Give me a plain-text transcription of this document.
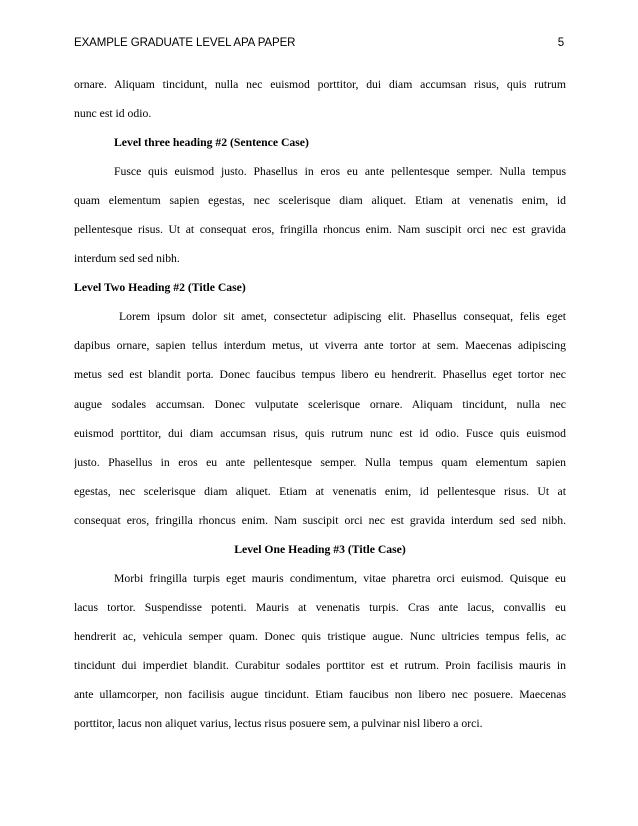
EXAMPLE GRADUATE LEVEL APA PAPER	5
ornare. Aliquam tincidunt, nulla nec euismod porttitor, dui diam accumsan risus, quis rutrum
nunc est id odio.
Level three heading #2 (Sentence Case)
Fusce quis euismod justo. Phasellus in eros eu ante pellentesque semper. Nulla tempus
quam elementum sapien egestas, nec scelerisque diam aliquet. Etiam at venenatis enim, id
pellentesque risus. Ut at consequat eros, fringilla rhoncus enim. Nam suscipit orci nec est gravida
interdum sed sed nibh.
Level Two Heading #2 (Title Case)
Lorem ipsum dolor sit amet, consectetur adipiscing elit. Phasellus consequat, felis eget
dapibus ornare, sapien tellus interdum metus, ut viverra ante tortor at sem. Maecenas adipiscing
metus sed est blandit porta. Donec faucibus tempus libero eu hendrerit. Phasellus eget tortor nec
augue sodales accumsan. Donec vulputate scelerisque ornare. Aliquam tincidunt, nulla nec
euismod porttitor, dui diam accumsan risus, quis rutrum nunc est id odio. Fusce quis euismod
justo. Phasellus in eros eu ante pellentesque semper. Nulla tempus quam elementum sapien
egestas, nec scelerisque diam aliquet. Etiam at venenatis enim, id pellentesque risus. Ut at
consequat eros, fringilla rhoncus enim. Nam suscipit orci nec est gravida interdum sed sed nibh.
Level One Heading #3 (Title Case)
Morbi fringilla turpis eget mauris condimentum, vitae pharetra orci euismod. Quisque eu
lacus tortor. Suspendisse potenti. Mauris at venenatis turpis. Cras ante lacus, convallis eu
hendrerit ac, vehicula semper quam. Donec quis tristique augue. Nunc ultricies tempus felis, ac
tincidunt dui imperdiet blandit. Curabitur sodales porttitor est et rutrum. Proin facilisis mauris in
ante ullamcorper, non facilisis augue tincidunt. Etiam faucibus non libero nec posuere. Maecenas
porttitor, lacus non aliquet varius, lectus risus posuere sem, a pulvinar nisl libero a orci.
